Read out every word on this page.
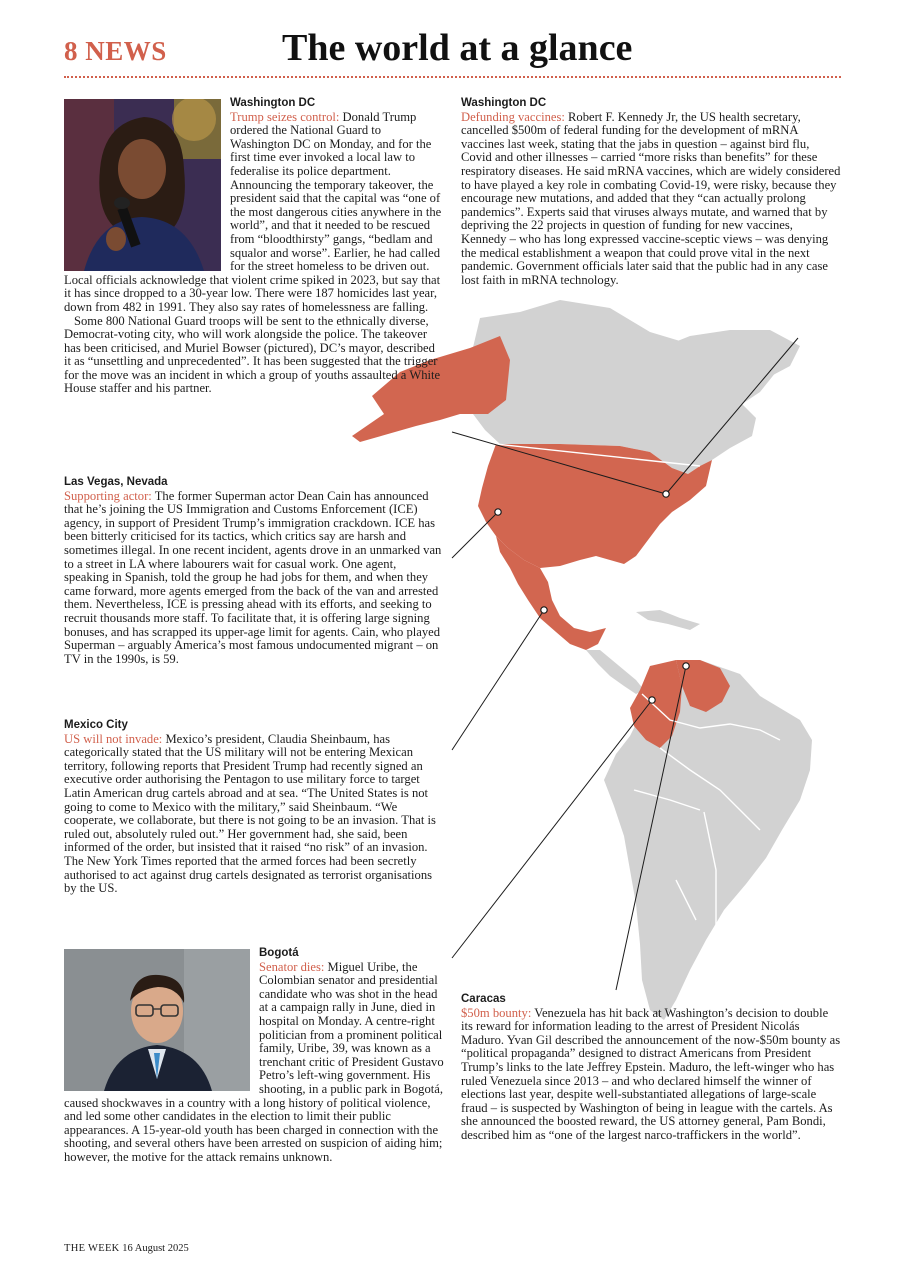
8 NEWS	The world at a glance

Washington DC
Trump seizes control: Donald Trump ordered the National Guard to Washington DC on Monday, and for the first time ever invoked a local law to federalise its police department. Announcing the temporary takeover, the president said that the capital was “one of the most dangerous cities anywhere in the world”, and that it needed to be rescued from “bloodthirsty” gangs, “bedlam and squalor and worse”. Earlier, he had called for the street homeless to be driven out. Local officials acknowledge that violent crime spiked in 2023, but say that it has since dropped to a 30-year low. There were 187 homicides last year, down from 482 in 1991. They also say rates of homelessness are falling.

Some 800 National Guard troops will be sent to the ethnically diverse, Democrat-voting city, who will work alongside the police. The takeover has been criticised, and Muriel Bowser (pictured), DC’s mayor, described it as “unsettling and unprecedented”. It has been suggested that the trigger for the move was an incident in which a group of youths assaulted a White House staffer and his partner.

Washington DC
Defunding vaccines: Robert F. Kennedy Jr, the US health secretary, cancelled $500m of federal funding for the development of mRNA vaccines last week, stating that the jabs in question – against bird flu, Covid and other illnesses – carried “more risks than benefits” for these respiratory diseases. He said mRNA vaccines, which are widely considered to have played a key role in combating Covid-19, were risky, because they encourage new mutations, and added that they “can actually prolong pandemics”. Experts said that viruses always mutate, and warned that by depriving the 22 projects in question of funding for new vaccines, Kennedy – who has long expressed vaccine-sceptic views – was denying the medical establishment a weapon that could prove vital in the next pandemic. Government officials later said that the public had in any case lost faith in mRNA technology.

Las Vegas, Nevada
Supporting actor: The former Superman actor Dean Cain has announced that he’s joining the US Immigration and Customs Enforcement (ICE) agency, in support of President Trump’s immigration crackdown. ICE has been bitterly criticised for its tactics, which critics say are harsh and sometimes illegal. In one recent incident, agents drove in an unmarked van to a street in LA where labourers wait for casual work. One agent, speaking in Spanish, told the group he had jobs for them, and when they came forward, more agents emerged from the back of the van and arrested them. Nevertheless, ICE is pressing ahead with its efforts, and seeking to recruit thousands more staff. To facilitate that, it is offering large signing bonuses, and has scrapped its upper-age limit for agents. Cain, who played Superman – arguably America’s most famous undocumented migrant – on TV in the 1990s, is 59.

Mexico City
US will not invade: Mexico’s president, Claudia Sheinbaum, has categorically stated that the US military will not be entering Mexican territory, following reports that President Trump had recently signed an executive order authorising the Pentagon to use military force to target Latin American drug cartels abroad and at sea. “The United States is not going to come to Mexico with the military,” said Sheinbaum. “We cooperate, we collaborate, but there is not going to be an invasion. That is ruled out, absolutely ruled out.” Her government had, she said, been informed of the order, but insisted that it raised “no risk” of an invasion. The New York Times reported that the armed forces had been secretly authorised to act against drug cartels designated as terrorist organisations by the US.

Bogotá
Senator dies: Miguel Uribe, the Colombian senator and presidential candidate who was shot in the head at a campaign rally in June, died in hospital on Monday. A centre-right politician from a prominent political family, Uribe, 39, was known as a trenchant critic of President Gustavo Petro’s left-wing government. His shooting, in a public park in Bogotá, caused shockwaves in a country with a long history of political violence, and led some other candidates in the election to limit their public appearances. A 15-year-old youth has been charged in connection with the shooting, and several others have been arrested on suspicion of aiding him; however, the motive for the attack remains unknown.

Caracas
$50m bounty: Venezuela has hit back at Washington’s decision to double its reward for information leading to the arrest of President Nicolás Maduro. Yvan Gil described the announcement of the now-$50m bounty as “political propaganda” designed to distract Americans from President Trump’s links to the late Jeffrey Epstein. Maduro, the left-winger who has ruled Venezuela since 2013 – and who declared himself the winner of elections last year, despite well-substantiated allegations of large-scale fraud – is suspected by Washington of being in league with the cartels. As she announced the boosted reward, the US attorney general, Pam Bondi, described him as “one of the largest narco-traffickers in the world”.

THE WEEK 16 August 2025
